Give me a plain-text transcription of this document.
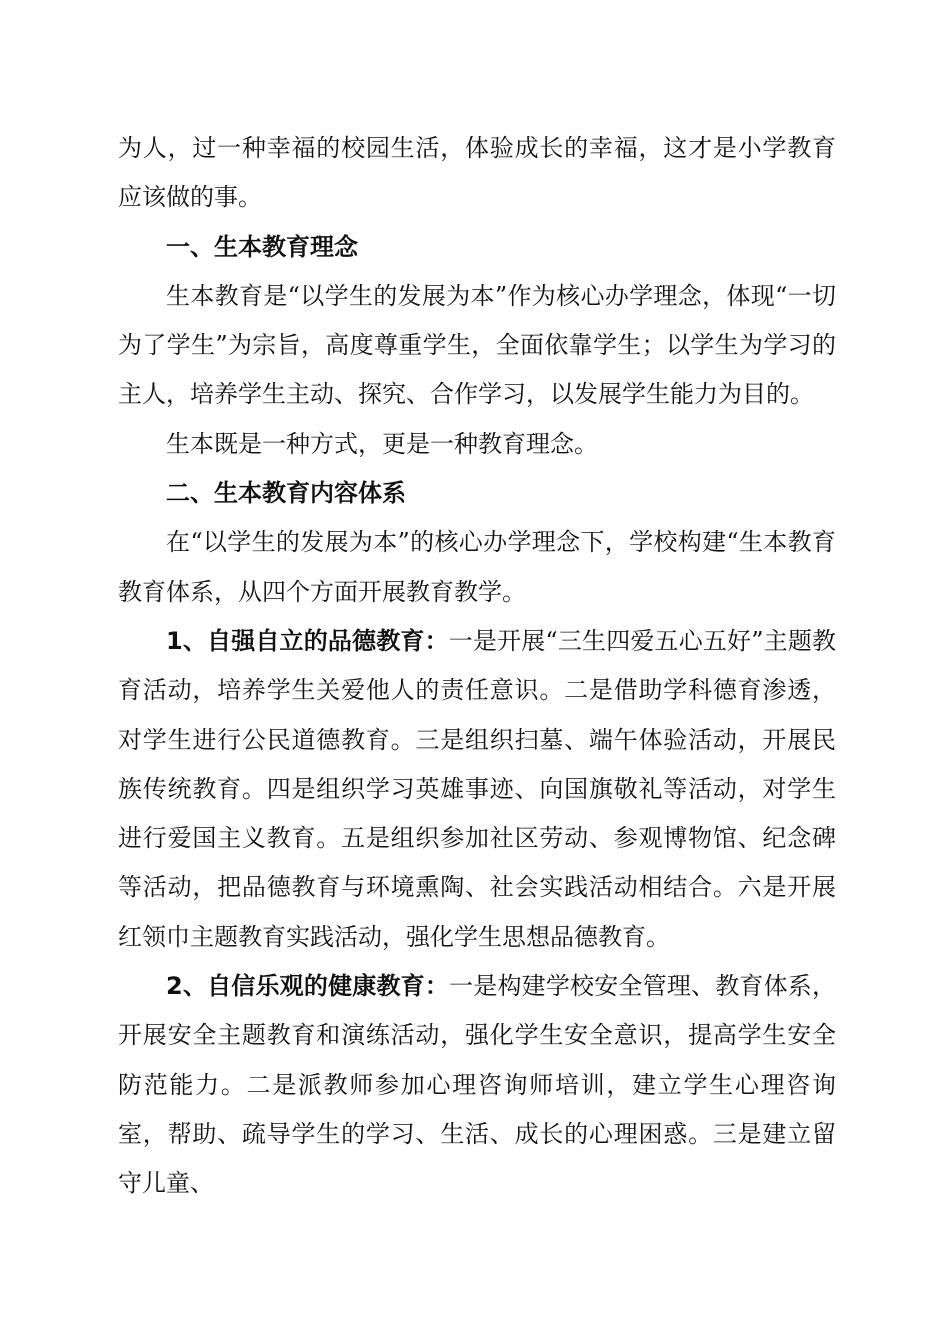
为人，过一种幸福的校园生活，体验成长的幸福，这才是小学教育应该做的事。

一、生本教育理念

生本教育是“以学生的发展为本”作为核心办学理念，体现“一切为了学生”为宗旨，高度尊重学生，全面依靠学生；以学生为学习的主人，培养学生主动、探究、合作学习，以发展学生能力为目的。

生本既是一种方式，更是一种教育理念。

二、生本教育内容体系

在“以学生的发展为本”的核心办学理念下，学校构建“生本教育教育体系，从四个方面开展教育教学。

1、自强自立的品德教育：一是开展“三生四爱五心五好”主题教育活动，培养学生关爱他人的责任意识。二是借助学科德育渗透，对学生进行公民道德教育。三是组织扫墓、端午体验活动，开展民族传统教育。四是组织学习英雄事迹、向国旗敬礼等活动，对学生进行爱国主义教育。五是组织参加社区劳动、参观博物馆、纪念碑等活动，把品德教育与环境熏陶、社会实践活动相结合。六是开展红领巾主题教育实践活动，强化学生思想品德教育。

2、自信乐观的健康教育：一是构建学校安全管理、教育体系，开展安全主题教育和演练活动，强化学生安全意识，提高学生安全防范能力。二是派教师参加心理咨询师培训，建立学生心理咨询室，帮助、疏导学生的学习、生活、成长的心理困惑。三是建立留守儿童、
